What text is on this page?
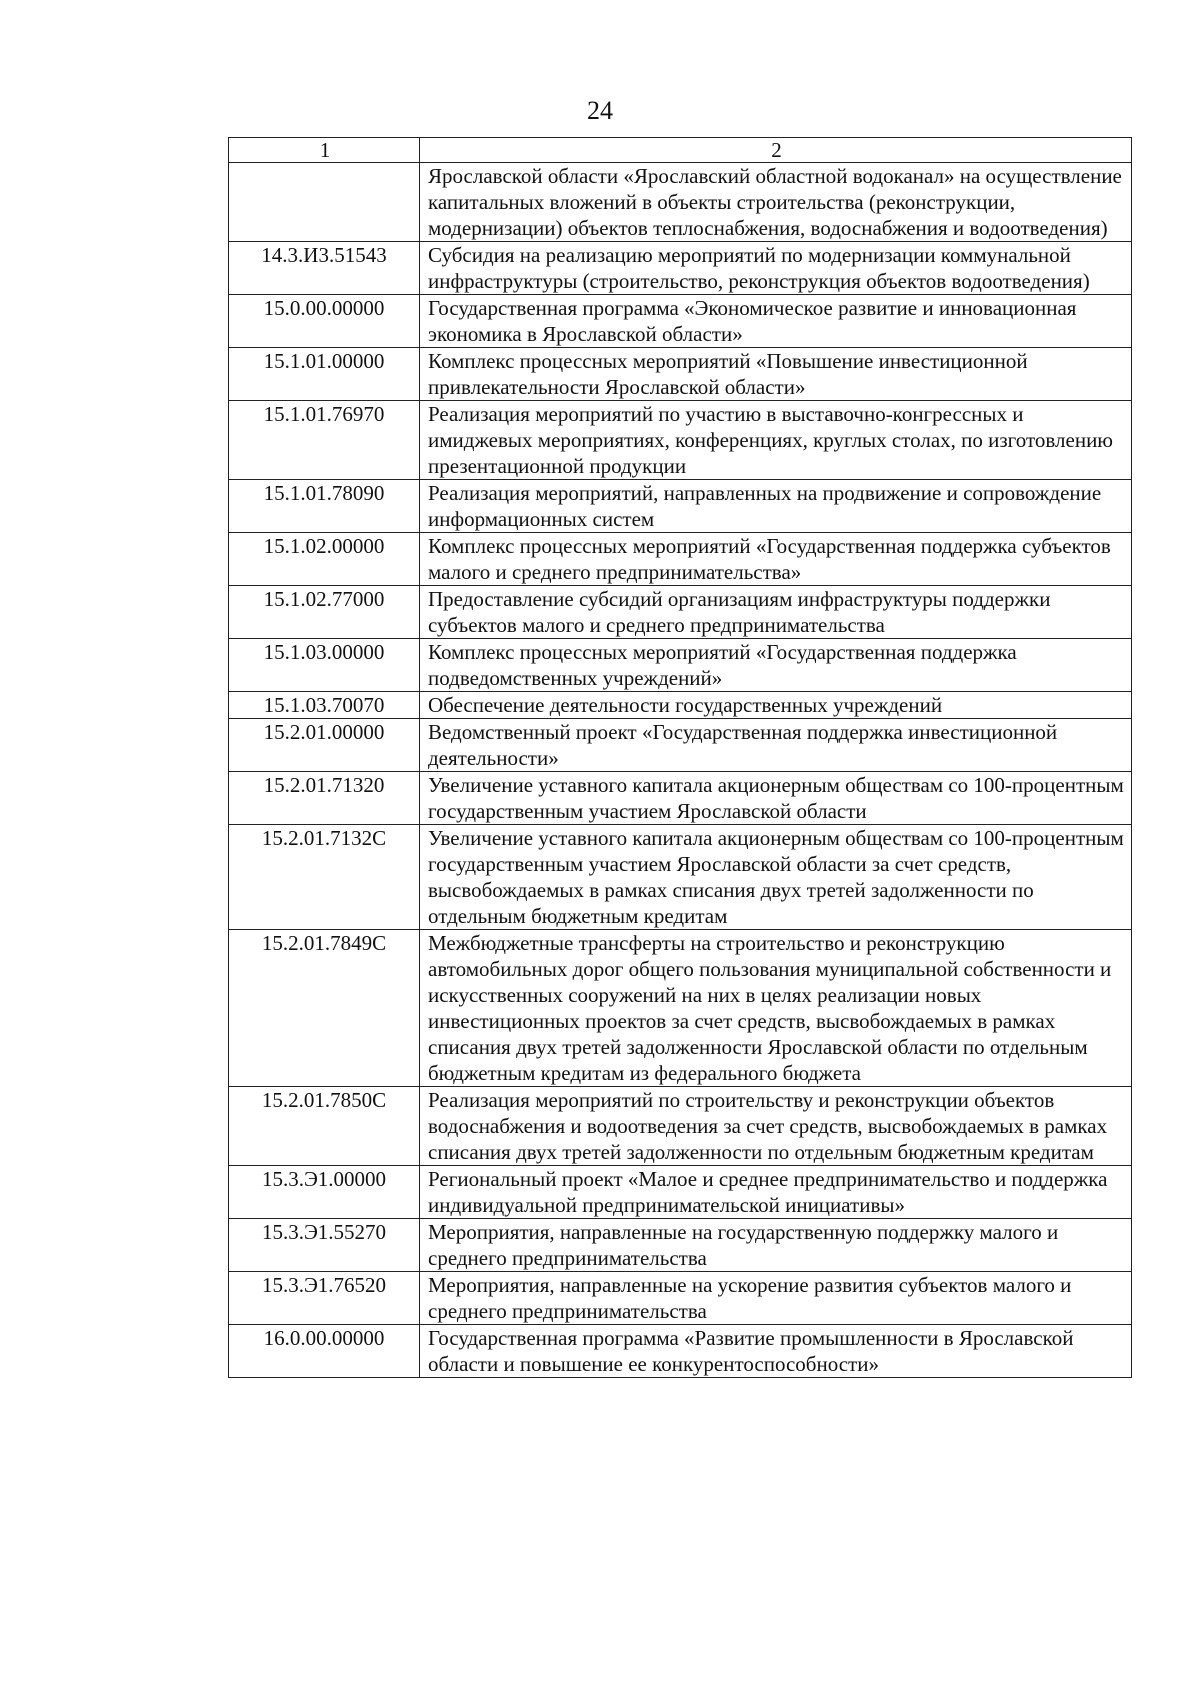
24
1	2
	Ярославской области «Ярославский областной водоканал» на осуществление капитальных вложений в объекты строительства (реконструкции, модернизации) объектов теплоснабжения, водоснабжения и водоотведения)
14.3.И3.51543	Субсидия на реализацию мероприятий по модернизации коммунальной инфраструктуры (строительство, реконструкция объектов водоотведения)
15.0.00.00000	Государственная программа «Экономическое развитие и инновационная экономика в Ярославской области»
15.1.01.00000	Комплекс процессных мероприятий «Повышение инвестиционной привлекательности Ярославской области»
15.1.01.76970	Реализация мероприятий по участию в выставочно-конгрессных и имиджевых мероприятиях, конференциях, круглых столах, по изготовлению презентационной продукции
15.1.01.78090	Реализация мероприятий, направленных на продвижение и сопровождение информационных систем
15.1.02.00000	Комплекс процессных мероприятий «Государственная поддержка субъектов малого и среднего предпринимательства»
15.1.02.77000	Предоставление субсидий организациям инфраструктуры поддержки субъектов малого и среднего предпринимательства
15.1.03.00000	Комплекс процессных мероприятий «Государственная поддержка подведомственных учреждений»
15.1.03.70070	Обеспечение деятельности государственных учреждений
15.2.01.00000	Ведомственный проект «Государственная поддержка инвестиционной деятельности»
15.2.01.71320	Увеличение уставного капитала акционерным обществам со 100-процентным государственным участием Ярославской области
15.2.01.7132С	Увеличение уставного капитала акционерным обществам со 100-процентным государственным участием Ярославской области за счет средств, высвобождаемых в рамках списания двух третей задолженности по отдельным бюджетным кредитам
15.2.01.7849С	Межбюджетные трансферты на строительство и реконструкцию автомобильных дорог общего пользования муниципальной собственности и искусственных сооружений на них в целях реализации новых инвестиционных проектов за счет средств, высвобождаемых в рамках списания двух третей задолженности Ярославской области по отдельным бюджетным кредитам из федерального бюджета
15.2.01.7850С	Реализация мероприятий по строительству и реконструкции объектов водоснабжения и водоотведения за счет средств, высвобождаемых в рамках списания двух третей задолженности по отдельным бюджетным кредитам
15.3.Э1.00000	Региональный проект «Малое и среднее предпринимательство и поддержка индивидуальной предпринимательской инициативы»
15.3.Э1.55270	Мероприятия, направленные на государственную поддержку малого и среднего предпринимательства
15.3.Э1.76520	Мероприятия, направленные на ускорение развития субъектов малого и среднего предпринимательства
16.0.00.00000	Государственная программа «Развитие промышленности в Ярославской области и повышение ее конкурентоспособности»
